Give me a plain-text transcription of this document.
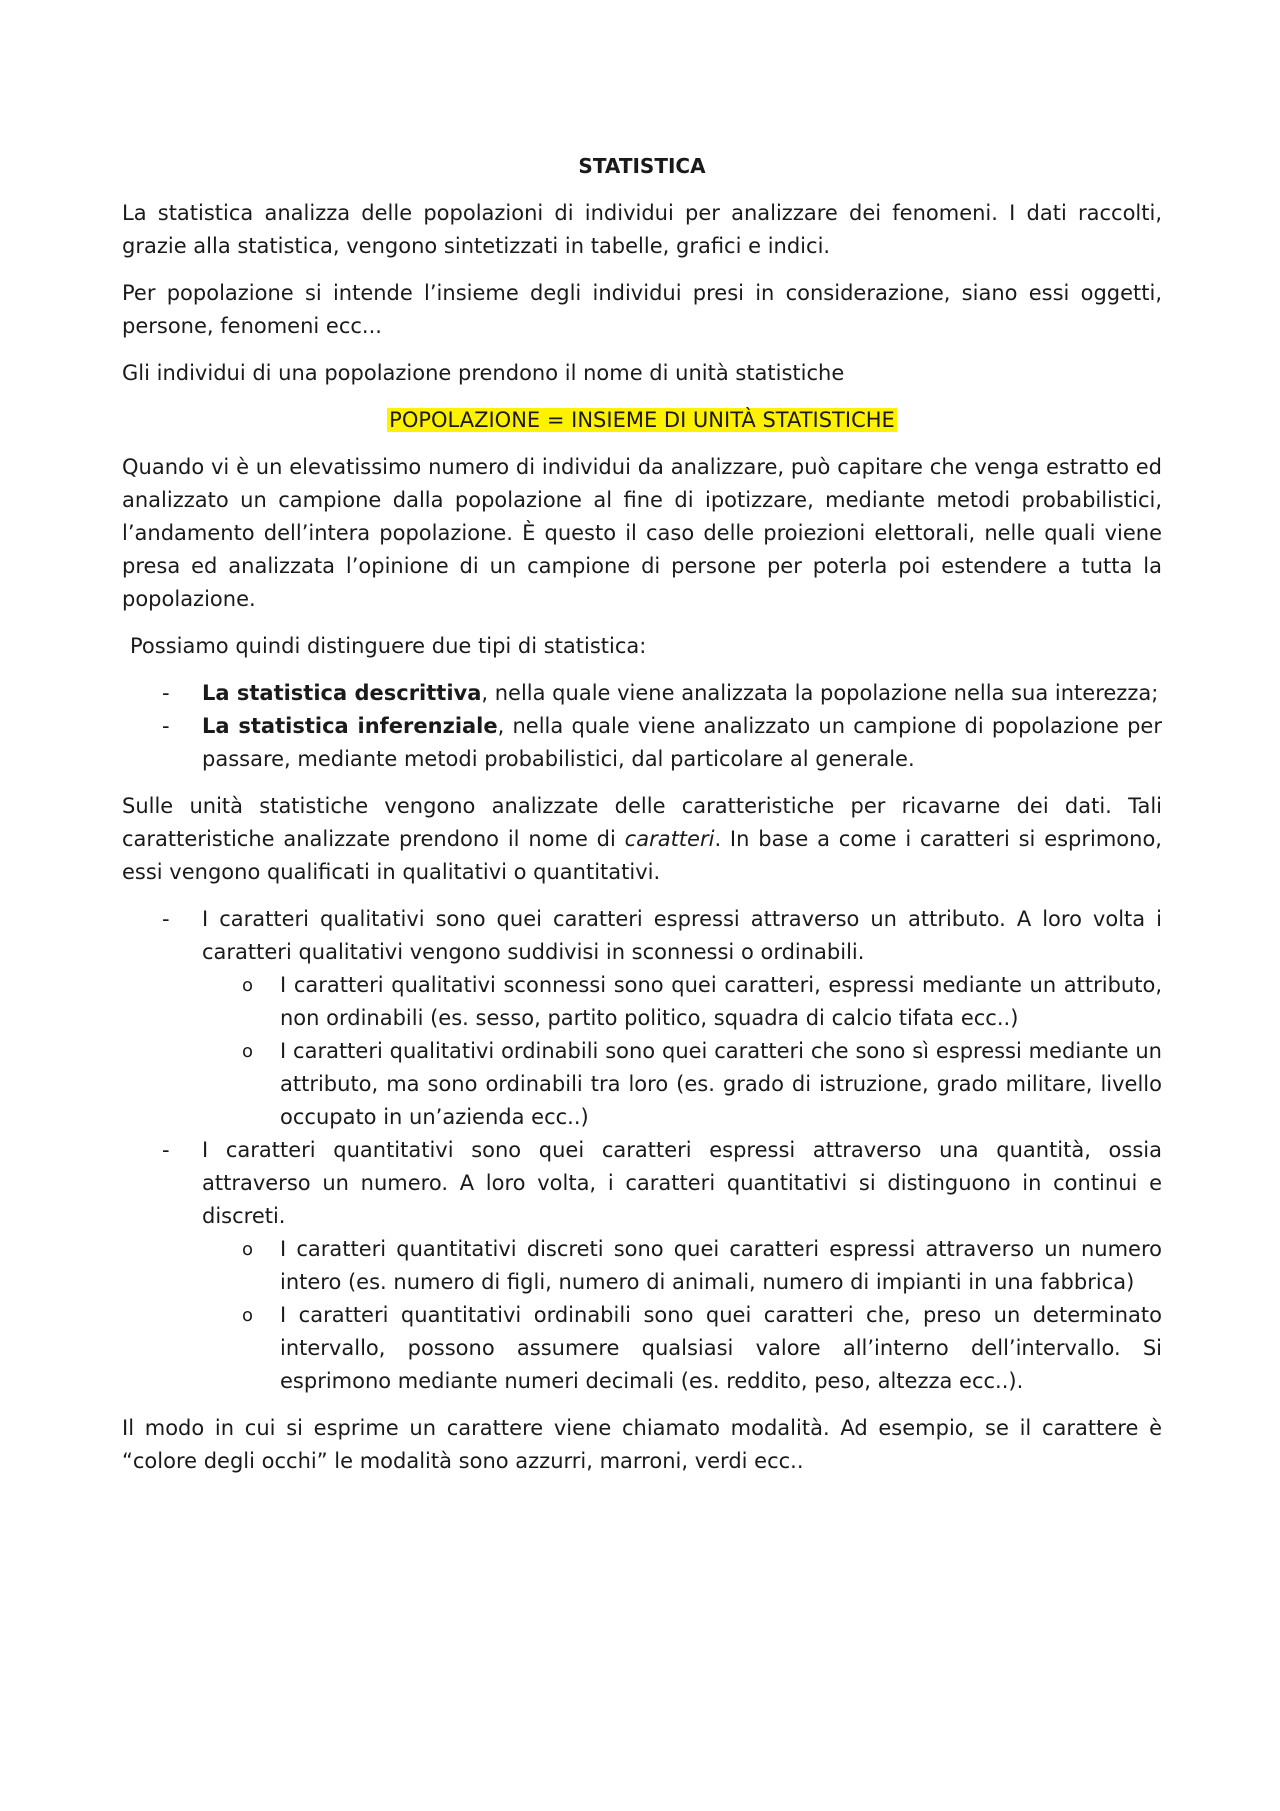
STATISTICA

La statistica analizza delle popolazioni di individui per analizzare dei fenomeni. I dati raccolti, grazie alla statistica, vengono sintetizzati in tabelle, grafici e indici.

Per popolazione si intende l’insieme degli individui presi in considerazione, siano essi oggetti, persone, fenomeni ecc...

Gli individui di una popolazione prendono il nome di unità statistiche

POPOLAZIONE = INSIEME DI UNITÀ STATISTICHE

Quando vi è un elevatissimo numero di individui da analizzare, può capitare che venga estratto ed analizzato un campione dalla popolazione al fine di ipotizzare, mediante metodi probabilistici, l’andamento dell’intera popolazione. È questo il caso delle proiezioni elettorali, nelle quali viene presa ed analizzata l’opinione di un campione di persone per poterla poi estendere a tutta la popolazione.

Possiamo quindi distinguere due tipi di statistica:

- La statistica descrittiva, nella quale viene analizzata la popolazione nella sua interezza;
- La statistica inferenziale, nella quale viene analizzato un campione di popolazione per passare, mediante metodi probabilistici, dal particolare al generale.

Sulle unità statistiche vengono analizzate delle caratteristiche per ricavarne dei dati. Tali caratteristiche analizzate prendono il nome di caratteri. In base a come i caratteri si esprimono, essi vengono qualificati in qualitativi o quantitativi.

- I caratteri qualitativi sono quei caratteri espressi attraverso un attributo. A loro volta i caratteri qualitativi vengono suddivisi in sconnessi o ordinabili.
o I caratteri qualitativi sconnessi sono quei caratteri, espressi mediante un attributo, non ordinabili (es. sesso, partito politico, squadra di calcio tifata ecc..)
o I caratteri qualitativi ordinabili sono quei caratteri che sono sì espressi mediante un attributo, ma sono ordinabili tra loro (es. grado di istruzione, grado militare, livello occupato in un’azienda ecc..)
- I caratteri quantitativi sono quei caratteri espressi attraverso una quantità, ossia attraverso un numero. A loro volta, i caratteri quantitativi si distinguono in continui e discreti.
o I caratteri quantitativi discreti sono quei caratteri espressi attraverso un numero intero (es. numero di figli, numero di animali, numero di impianti in una fabbrica)
o I caratteri quantitativi ordinabili sono quei caratteri che, preso un determinato intervallo, possono assumere qualsiasi valore all’interno dell’intervallo. Si esprimono mediante numeri decimali (es. reddito, peso, altezza ecc..).

Il modo in cui si esprime un carattere viene chiamato modalità. Ad esempio, se il carattere è “colore degli occhi” le modalità sono azzurri, marroni, verdi ecc..
